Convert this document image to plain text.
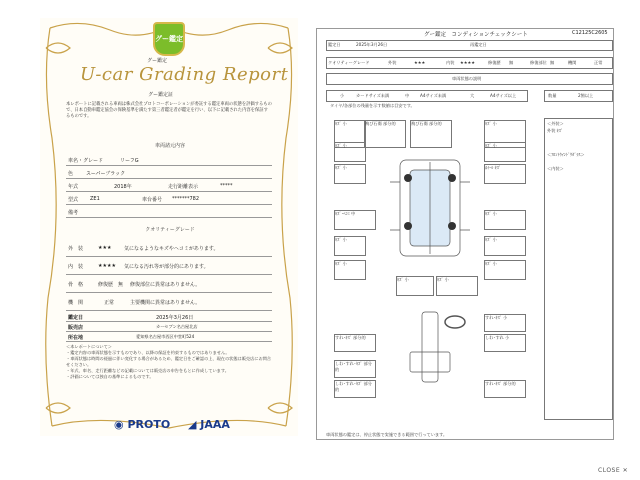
グー鑑定
グー鑑定
U-car Grading Report
グー鑑定証
本レポートに記載される車両は株式会社プロトコーポレーションが委託する鑑定車両の状態を評価するもので、日本自動車鑑定協会の保険基準を満たす第三者鑑定者が鑑定を行い、以下に記載された内容を保証するものです。
車両諸元内容
車名・グレード	リーフG
色	スーパーブラック
年式	2018年	走行距離表示	*****
型式 ZE1	車台番号 *******782
備考
クオリティーグレード
外　装	★★★	気になるようなキズやヘコミがあります。
内　装	★★★★ 気になる汚れ等が部分的にあります。
骨　格	修復歴 無 修復部位に異常はありません。
機　関	正常	主要機関に異常はありません。
鑑定日	2025年3月26日
販売店	カーセブン名古屋北店
所在地	愛知県名古屋市西区中堂町524
＜本レポートについて＞
・鑑定内容の車両状態を示すものであり、以降の保証を約束するものではありません。
・車両状態は時間の経過に伴い変化する場合があるため、鑑定日をご確認の上、現在の状態は販売店にお問合せください。
・年式、車名、走行距離などの記載については販売店の申告をもとに作成しています。
・評価については独自の基準によるものです。
◉ PROTO ◢ JAAA
グー鑑定　コンディションチェックシート	C12125C2605
鑑定日	2025年3月26日	再鑑定日
クオリティーグレード	外装	★★★	内装 ★★★★	修復歴 無	修復部位 無	機関	正常
車両状態の説明
小	カードサイズ未満	中	A4サイズ未満	大	A4サイズ以上	数量	2箇以上
タイヤ/各部位の残量を示す数値は目安です。
ｷｽﾞ 小	飛び石傷 部分的	飛び石傷 部分的	ｷｽﾞ 小
ｷｽﾞ 小	ｷｽﾞ 小
ｷｽﾞ 小	ﾎｲｰﾙ ｷｽﾞ
ｷｽﾞ･ﾍｺﾐ 中	ｷｽﾞ 小
ｷｽﾞ 小	ｷｽﾞ 小
ｷｽﾞ 小	ｷｽﾞ 小
ｷｽﾞ 小
ｷｽﾞ 小
すれ･ｷｽﾞ 部分的
すれ･ｷｽﾞ 小
しわ･すれ 小
しわ･すれ･ｷｽﾞ 部分的
しわ･すれ･ｷｽﾞ 部分的
すれ･ｷｽﾞ 部分的
＜外装＞
外装 ｷｽﾞ
＜ﾌﾛﾝﾄｳｲﾝﾄﾞｳｶﾞﾗｽ＞
＜内装＞
車両状態の鑑定は、停止状態で実施できる範囲で行っています。
CLOSE ✕
